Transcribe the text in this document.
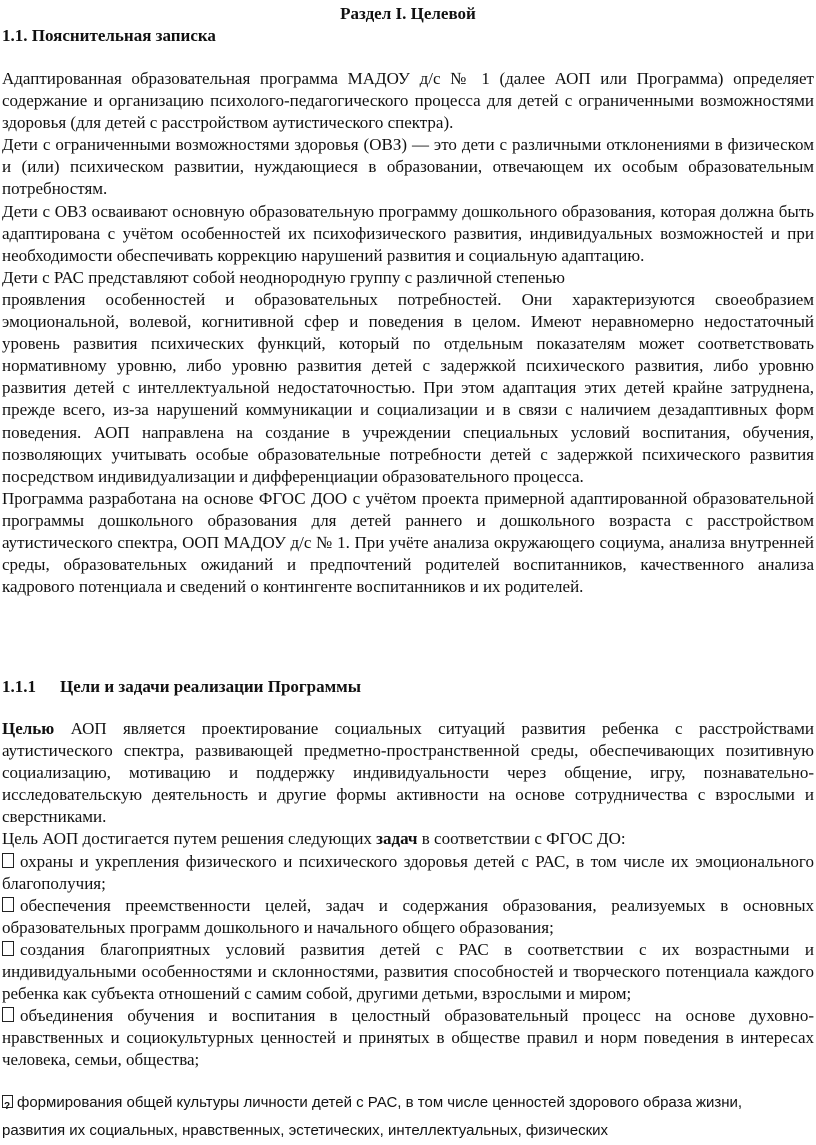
Раздел I. Целевой
1.1. Пояснительная записка

Адаптированная образовательная программа МАДОУ д/с № 1 (далее АОП или Программа) определяет содержание и организацию психолого-педагогического процесса для детей с ограниченными возможностями здоровья (для детей с расстройством аутистического спектра).

Дети с ограниченными возможностями здоровья (ОВЗ) — это дети с различными отклонениями в физическом и (или) психическом развитии, нуждающиеся в образовании, отвечающем их особым образовательным потребностям.

Дети с ОВЗ осваивают основную образовательную программу дошкольного образования, которая должна быть адаптирована с учётом особенностей их психофизического развития, индивидуальных возможностей и при необходимости обеспечивать коррекцию нарушений развития и социальную адаптацию.

Дети с РАС представляют собой неоднородную группу с различной степенью

проявления особенностей и образовательных потребностей. Они характеризуются своеобразием эмоциональной, волевой, когнитивной сфер и поведения в целом. Имеют неравномерно недостаточный уровень развития психических функций, который по отдельным показателям может соответствовать нормативному уровню, либо уровню развития детей с задержкой психического развития, либо уровню развития детей с интеллектуальной недостаточностью. При этом адаптация этих детей крайне затруднена, прежде всего, из-за нарушений коммуникации и социализации и в связи с наличием дезадаптивных форм поведения. АОП направлена на создание в учреждении специальных условий воспитания, обучения, позволяющих учитывать особые образовательные потребности детей с задержкой психического развития посредством индивидуализации и дифференциации образовательного процесса.

Программа разработана на основе ФГОС ДОО с учётом проекта примерной адаптированной образовательной программы дошкольного образования для детей раннего и дошкольного возраста с расстройством аутистического спектра, ООП МАДОУ д/с № 1. При учёте анализа окружающего социума, анализа внутренней среды, образовательных ожиданий и предпочтений родителей воспитанников, качественного анализа кадрового потенциала и сведений о контингенте воспитанников и их родителей.

1.1.1 Цели и задачи реализации Программы

Целью АОП является проектирование социальных ситуаций развития ребенка с расстройствами аутистического спектра, развивающей предметно-пространственной среды, обеспечивающих позитивную социализацию, мотивацию и поддержку индивидуальности через общение, игру, познавательно-исследовательскую деятельность и другие формы активности на основе сотрудничества с взрослыми и сверстниками.

Цель АОП достигается путем решения следующих задач в соответствии с ФГОС ДО:

охраны и укрепления физического и психического здоровья детей с РАС, в том числе их эмоционального благополучия;

обеспечения преемственности целей, задач и содержания образования, реализуемых в основных образовательных программ дошкольного и начального общего образования;

создания благоприятных условий развития детей с РАС в соответствии с их возрастными и индивидуальными особенностями и склонностями, развития способностей и творческого потенциала каждого ребенка как субъекта отношений с самим собой, другими детьми, взрослыми и миром;

объединения обучения и воспитания в целостный образовательный процесс на основе духовно-нравственных и социокультурных ценностей и принятых в обществе правил и норм поведения в интересах человека, семьи, общества;

?формирования общей культуры личности детей с РАС, в том числе ценностей здорового образа жизни,

развития их социальных, нравственных, эстетических, интеллектуальных, физических
